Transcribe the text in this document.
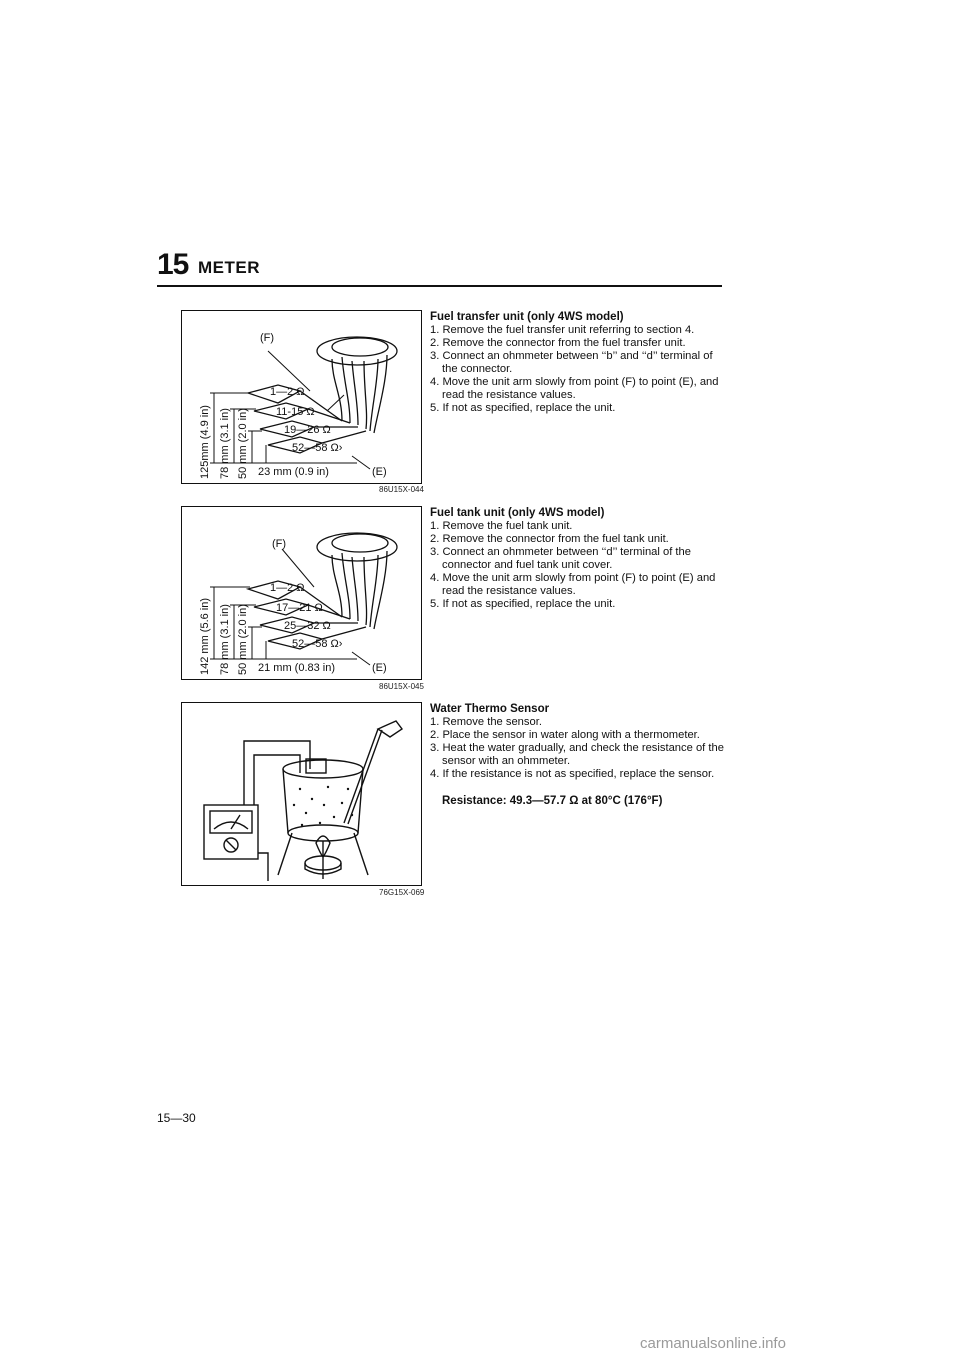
15 METER
(F)
(E)
1—2 Ω
11-15 Ω
19—26 Ω
52—58 Ω›
125mm (4.9 in) 78 mm (3.1 in) 50 mm (2.0 in) 23 mm (0.9 in)
86U15X-044
(F)
(E)
1—2 Ω
17—21 Ω
25—32 Ω
52—58 Ω›
142 mm (5.6 in) 78 mm (3.1 in) 50 mm (2.0 in) 21 mm (0.83 in)
86U15X-045
76G15X-069
Fuel transfer unit (only 4WS model)
1. Remove the fuel transfer unit referring to section 4.
2. Remove the connector from the fuel transfer unit.
3. Connect an ohmmeter between ‘‘b’’ and ‘‘d’’ terminal of the connector.
4. Move the unit arm slowly from point (F) to point (E), and read the resistance values.
5. If not as specified, replace the unit.
Fuel tank unit (only 4WS model)
1. Remove the fuel tank unit.
2. Remove the connector from the fuel tank unit.
3. Connect an ohmmeter between ‘‘d’’ terminal of the connector and fuel tank unit cover.
4. Move the unit arm slowly from point (F) to point (E) and read the resistance values.
5. If not as specified, replace the unit.
Water Thermo Sensor
1. Remove the sensor.
2. Place the sensor in water along with a thermometer.
3. Heat the water gradually, and check the resistance of the sensor with an ohmmeter.
4. If the resistance is not as specified, replace the sensor.
Resistance: 49.3—57.7 Ω at 80°C (176°F)
15—30
carmanualsonline.info
